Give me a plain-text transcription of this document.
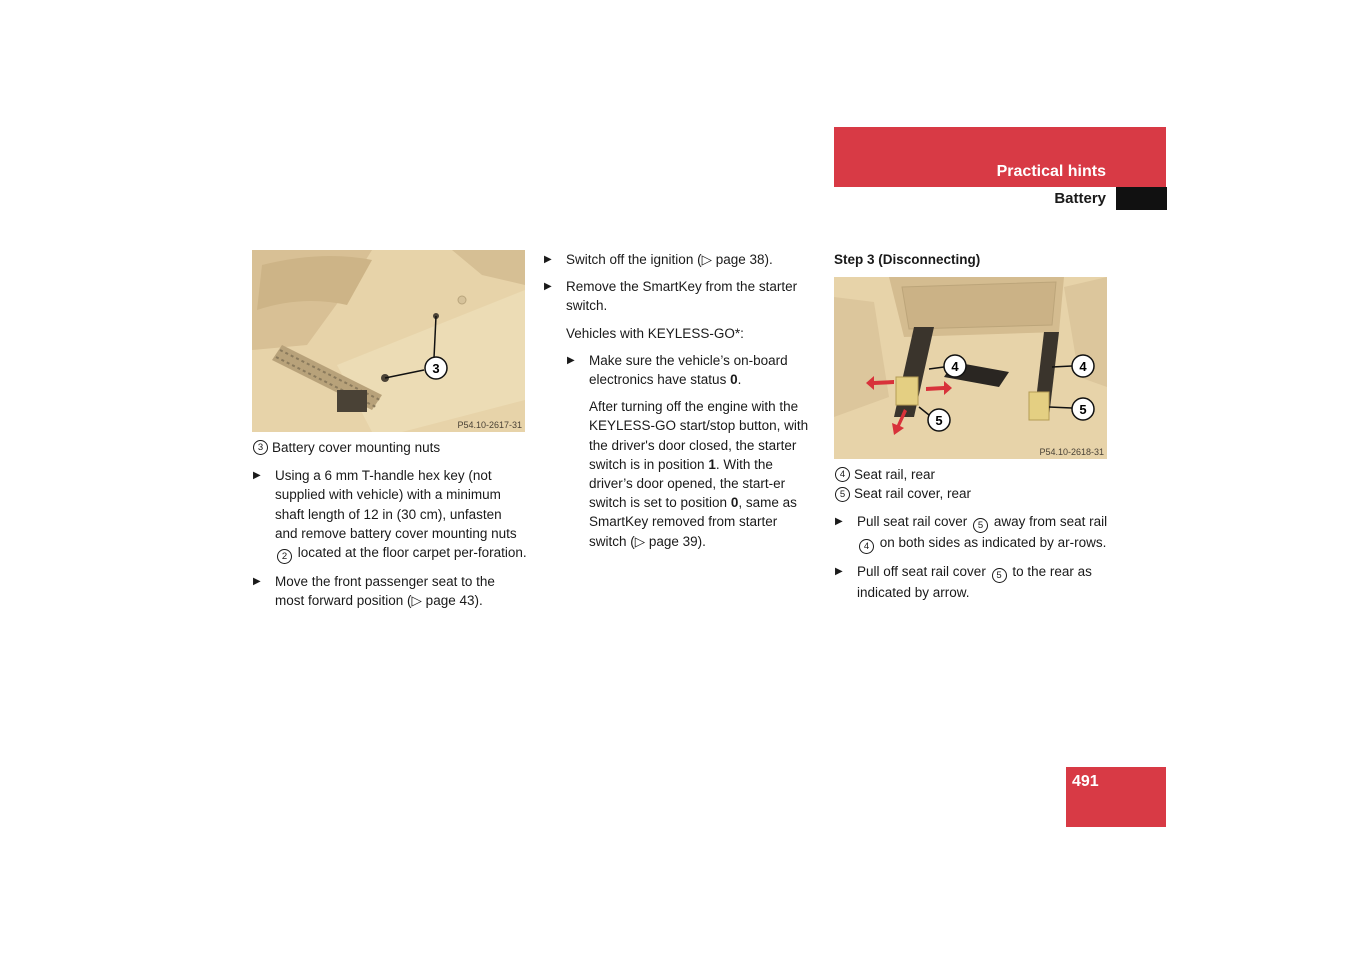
Practical hints
Battery
3
P54.10-2617-31
3 Battery cover mounting nuts
▶ Using a 6 mm T-handle hex key (not supplied with vehicle) with a minimum shaft length of 12 in (30 cm), unfasten and remove battery cover mounting nuts 2 located at the floor carpet per-foration.
▶ Move the front passenger seat to the most forward position (▷ page 43).
▶ Switch off the ignition (▷ page 38).
▶ Remove the SmartKey from the starter switch.
Vehicles with KEYLESS-GO*:
▶ Make sure the vehicle’s on-board electronics have status 0.
After turning off the engine with the KEYLESS-GO start/stop button, with the driver's door closed, the starter switch is in position 1. With the driver’s door opened, the start-er switch is set to position 0, same as SmartKey removed from starter switch (▷ page 39).
Step 3 (Disconnecting)
4
5
4
5
P54.10-2618-31
4 Seat rail, rear
5 Seat rail cover, rear
▶ Pull seat rail cover 5 away from seat rail 4 on both sides as indicated by ar-rows.
▶ Pull off seat rail cover 5 to the rear as indicated by arrow.
491
